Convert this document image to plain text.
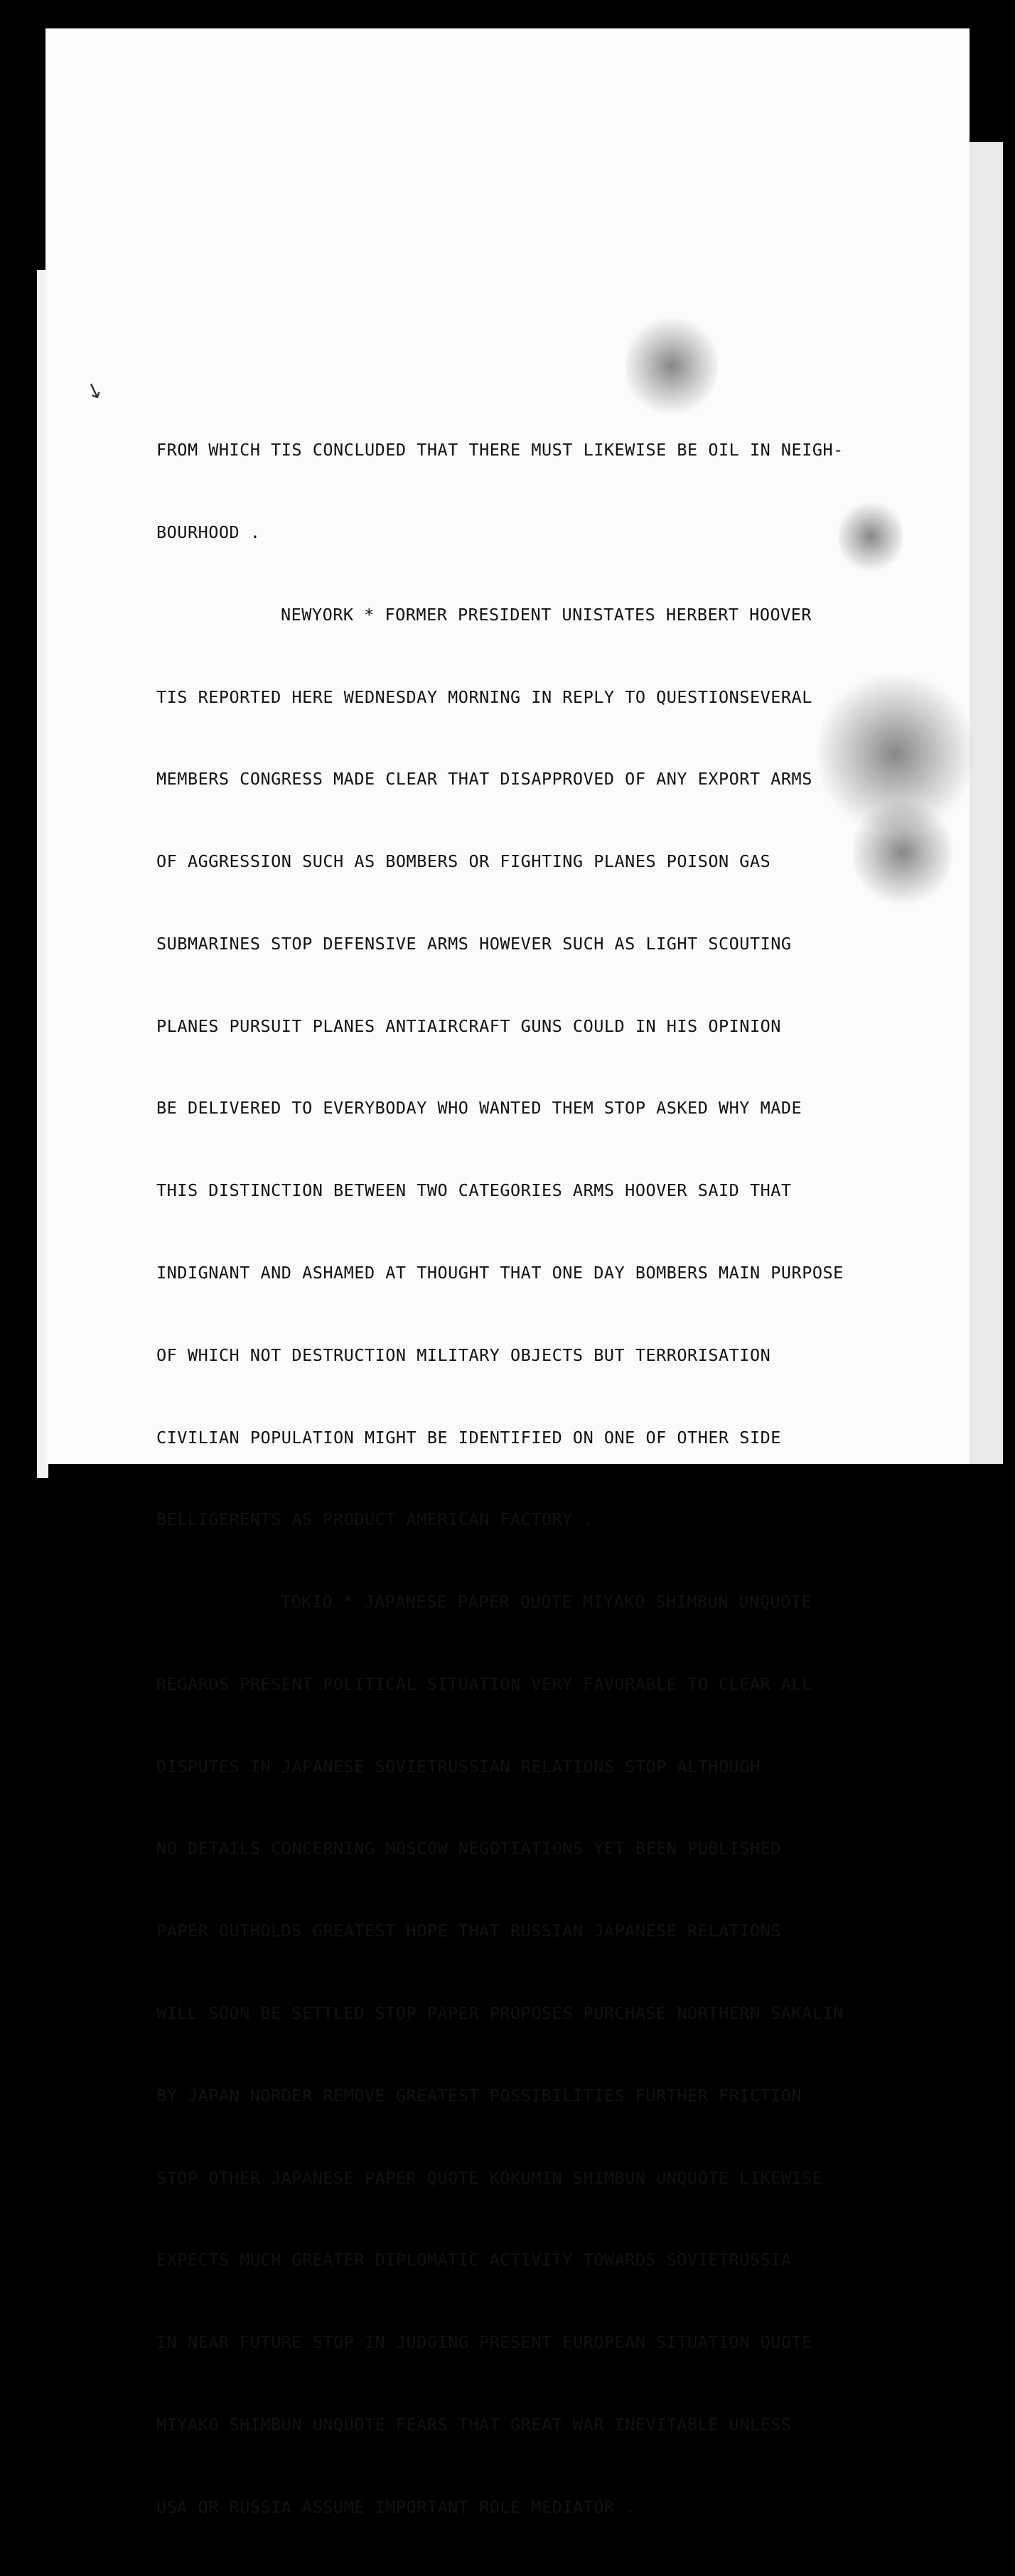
↘

FROM WHICH TIS CONCLUDED THAT THERE MUST LIKEWISE BE OIL IN NEIGH-

BOURHOOD .

NEWYORK * FORMER PRESIDENT UNISTATES HERBERT HOOVER

TIS REPORTED HERE WEDNESDAY MORNING IN REPLY TO QUESTIONSEVERAL

MEMBERS CONGRESS MADE CLEAR THAT DISAPPROVED OF ANY EXPORT ARMS

OF AGGRESSION SUCH AS BOMBERS OR FIGHTING PLANES POISON GAS

SUBMARINES STOP DEFENSIVE ARMS HOWEVER SUCH AS LIGHT SCOUTING

PLANES PURSUIT PLANES ANTIAIRCRAFT GUNS COULD IN HIS OPINION

BE DELIVERED TO EVERYBODAY WHO WANTED THEM STOP ASKED WHY MADE

THIS DISTINCTION BETWEEN TWO CATEGORIES ARMS HOOVER SAID THAT

INDIGNANT AND ASHAMED AT THOUGHT THAT ONE DAY BOMBERS MAIN PURPOSE

OF WHICH NOT DESTRUCTION MILITARY OBJECTS BUT TERRORISATION

CIVILIAN POPULATION MIGHT BE IDENTIFIED ON ONE OF OTHER SIDE

BELLIGERENTS AS PRODUCT AMERICAN FACTORY .

TOKIO * JAPANESE PAPER QUOTE MIYAKO SHIMBUN UNQUOTE

REGARDS PRESENT POLITICAL SITUATION VERY FAVORABLE TO CLEAR ALL

DISPUTES IN JAPANESE SOVIETRUSSIAN RELATIONS STOP ALTHOUGH

NO DETAILS CONCERNING MOSCOW NEGOTIATIONS YET BEEN PUBLISHED

PAPER OUTHOLDS GREATEST HOPE THAT RUSSIAN JAPANESE RELATIONS

WILL SOON BE SETTLED STOP PAPER PROPOSES PURCHASE NORTHERN SAKALIN

BY JAPAN NORDER REMOVE GREATEST POSSIBILITIES FURTHER FRICTION

STOP OTHER JAPANESE PAPER QUOTE KOKUMIN SHIMBUN UNQUOTE LIKEWISE

EXPECTS MUCH GREATER DIPLOMATIC ACTIVITY TOWARDS SOVIETRUSSIA

IN NEAR FUTURE STOP IN JUDGING PRESENT EUROPEAN SITUATION QUOTE

MIYAKO SHIMBUN UNQUOTE FEARS THAT GREAT WAR INEVITABLE UNLESS

USA OR RUSSIA ASSUME IMPORTANT ROLE MEDIATOR .
